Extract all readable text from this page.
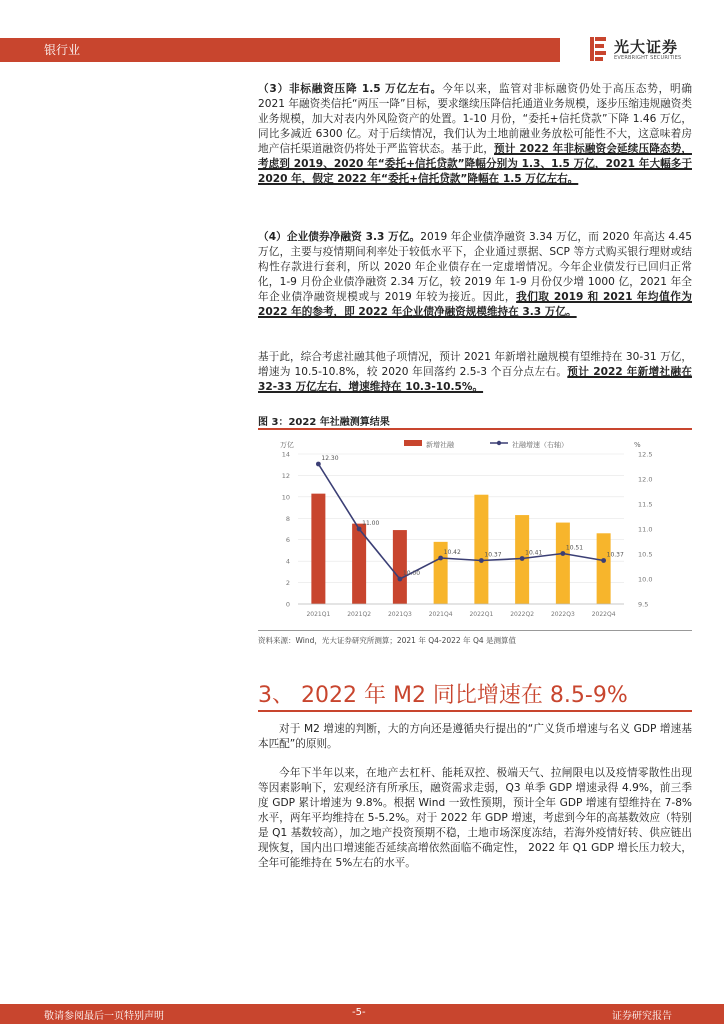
银行业	光大证券
EVERBRIGHT SECURITIES

（3）非标融资压降 1.5 万亿左右。今年以来，监管对非标融资仍处于高压态势，明确 2021 年融资类信托“两压一降”目标，要求继续压降信托通道业务规模，逐步压缩违规融资类业务规模，加大对表内外风险资产的处置。1-10 月份，“委托+信托贷款”下降 1.46 万亿，同比多减近 6300 亿。对于后续情况，我们认为土地前融业务放松可能性不大，这意味着房地产信托渠道融资仍将处于严监管状态。基于此，预计 2022 年非标融资会延续压降态势，考虑到 2019、2020 年“委托+信托贷款”降幅分别为 1.3、1.5 万亿，2021 年大幅多于 2020 年，假定 2022 年“委托+信托贷款”降幅在 1.5 万亿左右。

（4）企业债券净融资 3.3 万亿。2019 年企业债净融资 3.34 万亿，而 2020 年高达 4.45 万亿，主要与疫情期间利率处于较低水平下，企业通过票据、SCP 等方式购买银行理财或结构性存款进行套利，所以 2020 年企业债存在一定虚增情况。今年企业债发行已回归正常化，1-9 月份企业债净融资 2.34 万亿，较 2019 年 1-9 月份仅少增 1000 亿，2021 年全年企业债净融资规模或与 2019 年较为接近。因此，我们取 2019 和 2021 年均值作为 2022 年的参考，即 2022 年企业债净融资规模维持在 3.3 万亿。

基于此，综合考虑社融其他子项情况，预计 2021 年新增社融规模有望维持在 30-31 万亿，增速为 10.5-10.8%，较 2020 年回落约 2.5-3 个百分点左右。预计 2022 年新增社融在 32-33 万亿左右，增速维持在 10.3-10.5%。

图 3：2022 年社融测算结果
12.30
11.00
10.00
10.42	10.37	10.41
10.51
10.37
0
2
4
6
8
10
12
14
9.5
10.0
10.5
11.0
11.5
12.0
12.5
2021Q1	2021Q2	2021Q3	2021Q4	2022Q1	2022Q2	2022Q3	2022Q4
新增社融	社融增速（右轴）
万亿	%
资料来源：Wind，光大证券研究所测算；2021 年 Q4-2022 年 Q4 是测算值
3、 2022 年 M2 同比增速在 8.5-9%

对于 M2 增速的判断，大的方向还是遵循央行提出的“广义货币增速与名义 GDP 增速基本匹配”的原则。

今年下半年以来，在地产去杠杆、能耗双控、极端天气、拉闸限电以及疫情零散性出现等因素影响下，宏观经济有所承压，融资需求走弱，Q3 单季 GDP 增速录得 4.9%，前三季度 GDP 累计增速为 9.8%。根据 Wind 一致性预期，预计全年 GDP 增速有望维持在 7-8%水平，两年平均维持在 5-5.2%。对于 2022 年 GDP 增速，考虑到今年的高基数效应（特别是 Q1 基数较高），加之地产投资预期不稳，土地市场深度冻结，若海外疫情好转、供应链出现恢复，国内出口增速能否延续高增依然面临不确定性， 2022 年 Q1 GDP 增长压力较大，全年可能维持在 5%左右的水平。

敬请参阅最后一页特别声明	-5-	证券研究报告
